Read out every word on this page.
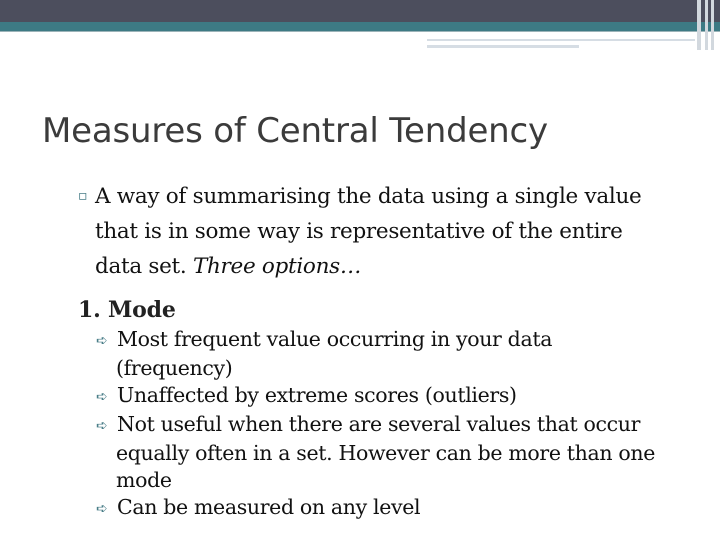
Measures of Central Tendency
▫ A way of summarising the data using a single value
that is in some way is representative of the entire
data set. Three options…
1. Mode
➪ Most frequent value occurring in your data
(frequency)
➪ Unaffected by extreme scores (outliers)
➪ Not useful when there are several values that occur
equally often in a set. However can be more than one
mode
➪ Can be measured on any level
